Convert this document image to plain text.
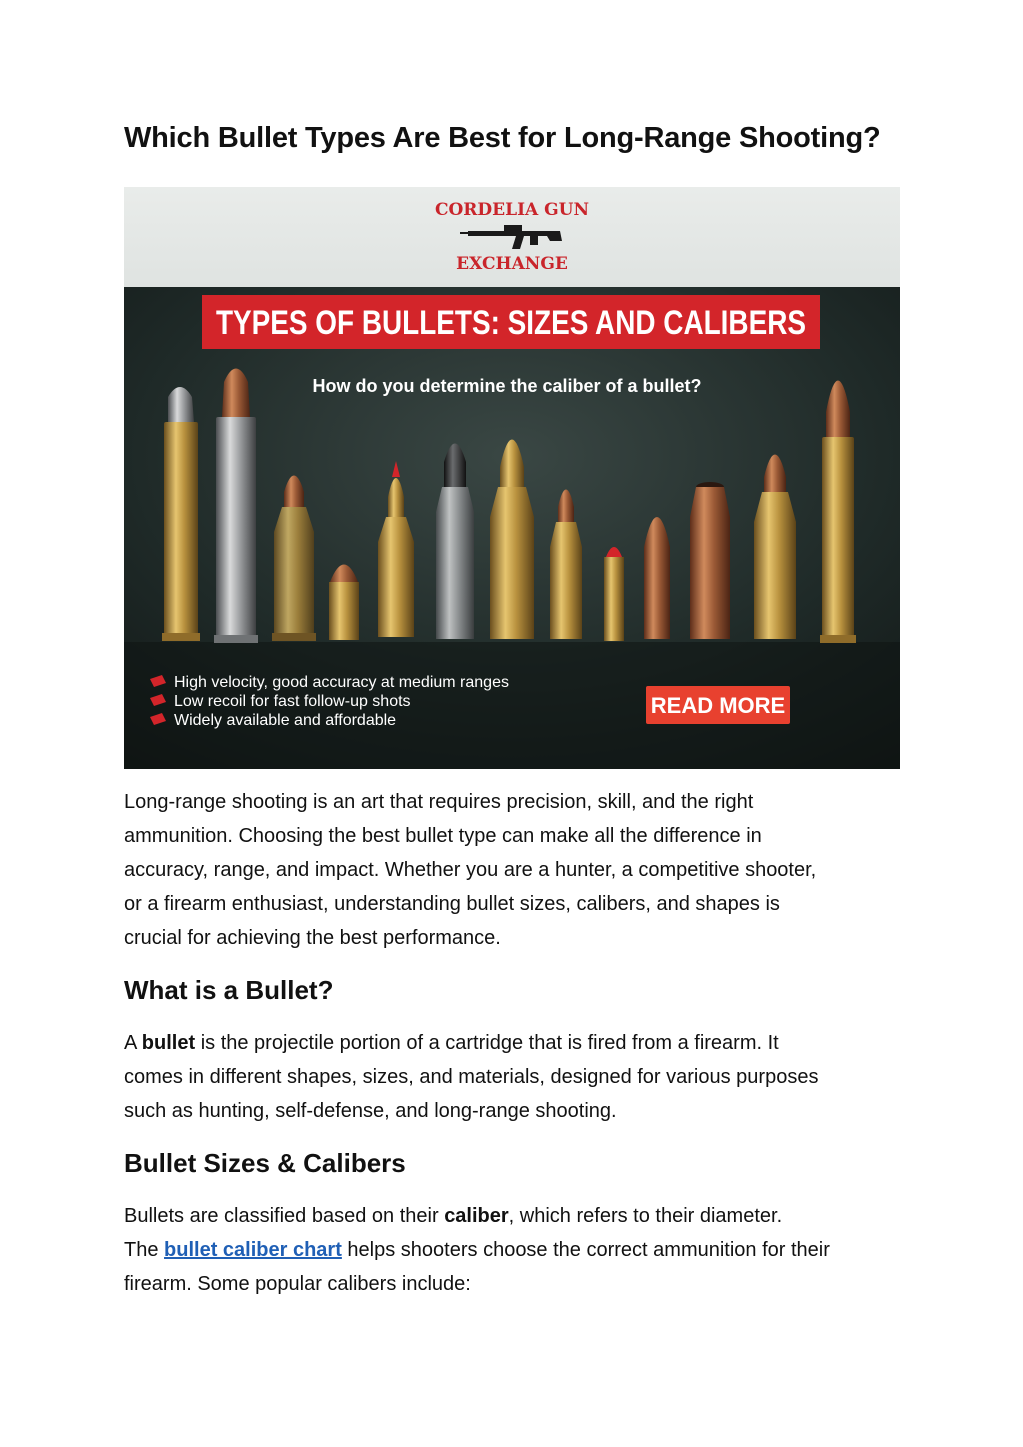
Which Bullet Types Are Best for Long-Range Shooting?
CORDELIA GUN
EXCHANGE
TYPES OF BULLETS: SIZES AND CALIBERS
How do you determine the caliber of a bullet?
High velocity, good accuracy at medium ranges
Low recoil for fast follow-up shots
Widely available and affordable
READ MORE

Long-range shooting is an art that requires precision, skill, and the right
ammunition. Choosing the best bullet type can make all the difference in
accuracy, range, and impact. Whether you are a hunter, a competitive shooter,
or a firearm enthusiast, understanding bullet sizes, calibers, and shapes is
crucial for achieving the best performance.

What is a Bullet?

A bullet is the projectile portion of a cartridge that is fired from a firearm. It
comes in different shapes, sizes, and materials, designed for various purposes
such as hunting, self-defense, and long-range shooting.

Bullet Sizes & Calibers

Bullets are classified based on their caliber, which refers to their diameter.
The bullet caliber chart helps shooters choose the correct ammunition for their
firearm. Some popular calibers include:
